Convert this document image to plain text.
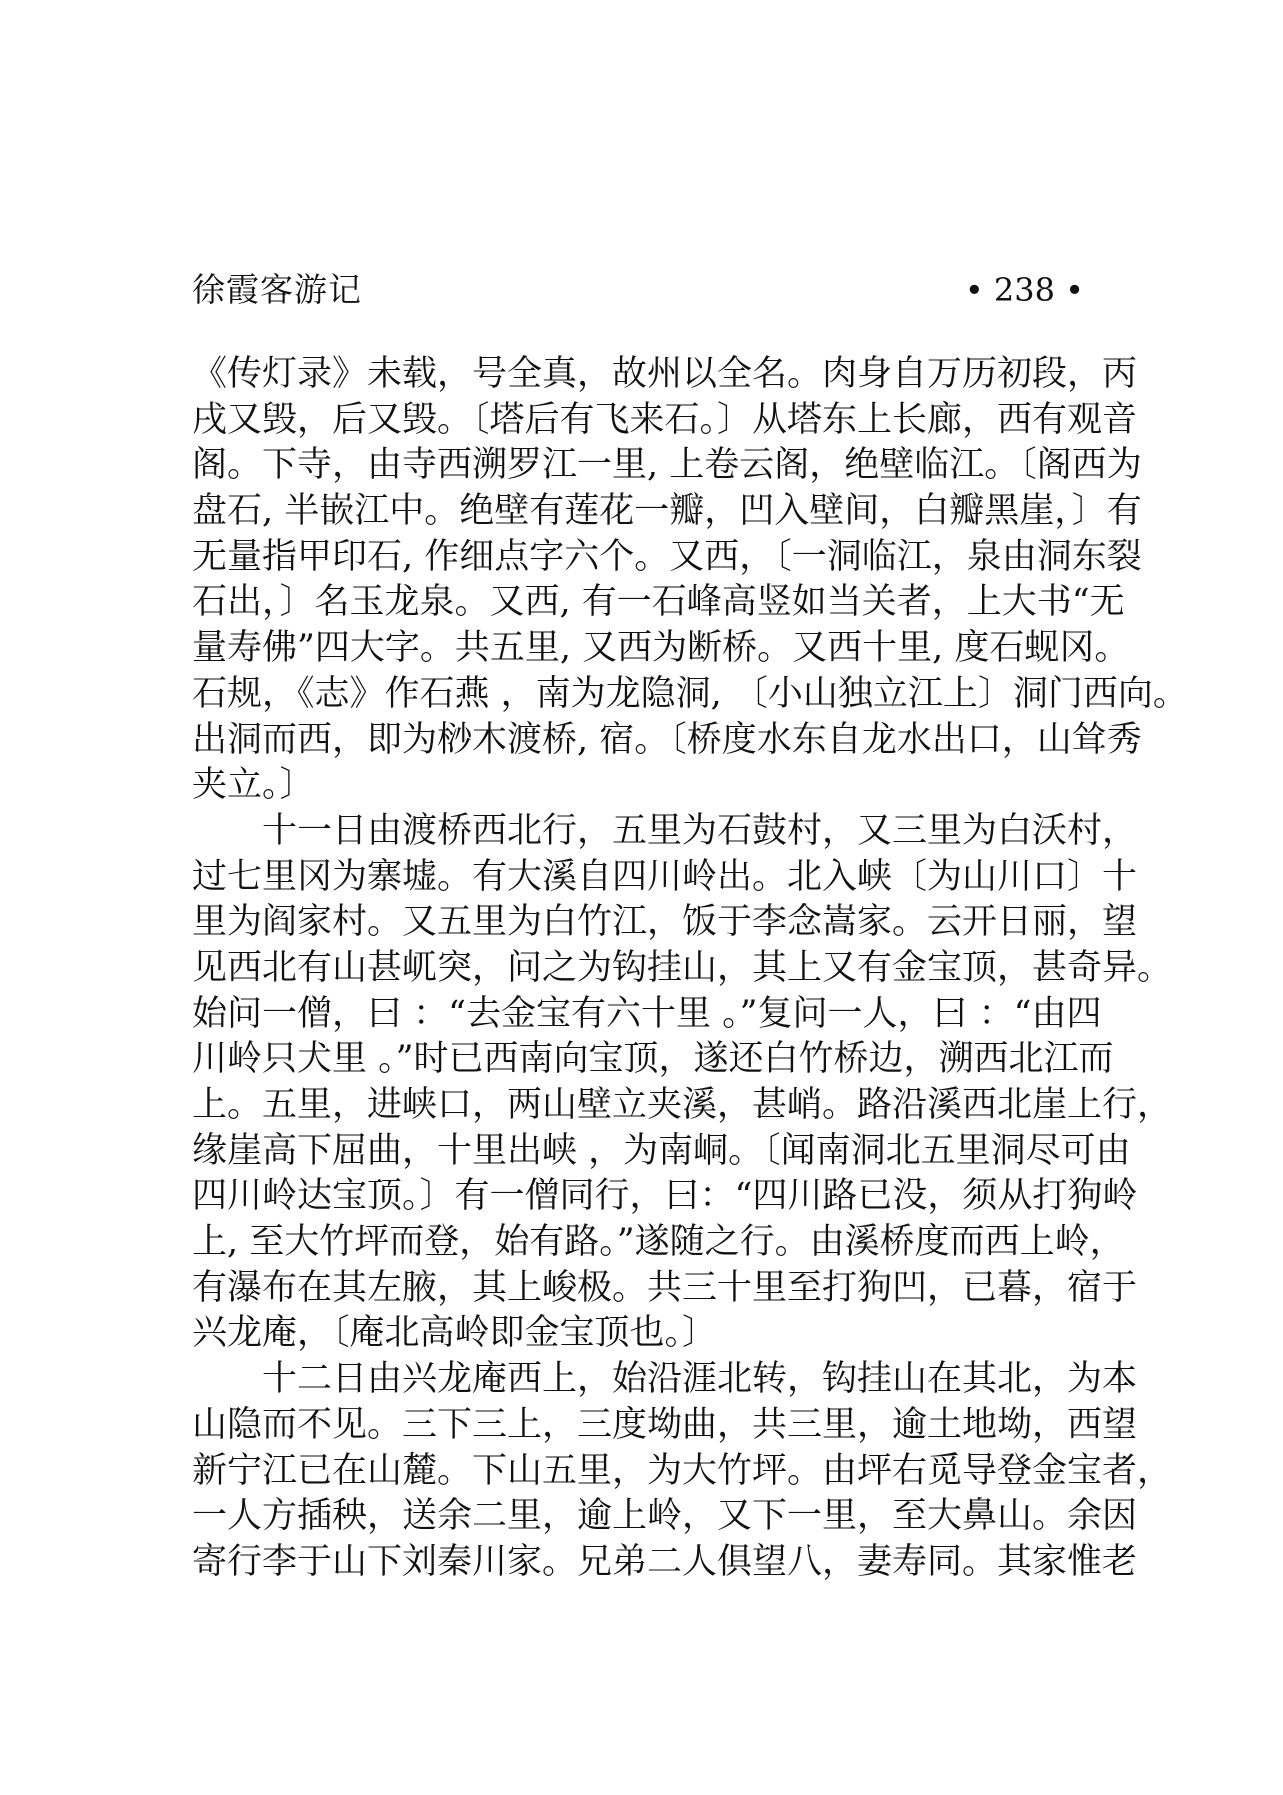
徐霞客游记	• 238 •
《传灯录》未载，号全真，故州以全名。肉身自万历初段，丙
戌又毁，后又毁。〔塔后有飞来石。〕从塔东上长廊，西有观音
阁。下寺，由寺西溯罗江一里, 上卷云阁，绝壁临江。〔阁西为
盘石, 半嵌江中。绝壁有莲花一瓣，凹入壁间，白瓣黑崖，〕有
无量指甲印石, 作细点字六个。又西，〔一洞临江，泉由洞东裂
石出，〕名玉龙泉。又西, 有一石峰高竖如当关者，上大书“无
量寿佛”四大字。共五里, 又西为断桥。又西十里, 度石蚬冈。
石规，《志》作石燕 ，南为龙隐洞, 〔小山独立江上〕洞门西向。
出洞而西，即为桫木渡桥, 宿。〔桥度水东自龙水出口，山耸秀
夹立。〕
十一日由渡桥西北行，五里为石鼓村，又三里为白沃村，
过七里冈为寨墟。有大溪自四川岭出。北入峡〔为山川口〕十
里为阎家村。又五里为白竹江，饭于李念嵩家。云开日丽，望
见西北有山甚屼突，问之为钩挂山，其上又有金宝顶，甚奇异。
始问一僧，曰 ：“去金宝有六十里 。”复问一人，曰 ：“由四
川岭只犬里 。”时已西南向宝顶，遂还白竹桥边，溯西北江而
上。五里，进峡口，两山壁立夹溪，甚峭。路沿溪西北崖上行，
缘崖高下屈曲，十里出峡 ，为南峒。〔闻南洞北五里洞尽可由
四川岭达宝顶。〕有一僧同行，曰：“四川路已没，须从打狗岭
上, 至大竹坪而登，始有路。”遂随之行。由溪桥度而西上岭，
有瀑布在其左腋，其上峻极。共三十里至打狗凹，已暮，宿于
兴龙庵，〔庵北高岭即金宝顶也。〕
十二日由兴龙庵西上，始沿涯北转，钩挂山在其北，为本
山隐而不见。三下三上，三度坳曲，共三里，逾土地坳，西望
新宁江已在山麓。下山五里，为大竹坪。由坪右觅导登金宝者，
一人方插秧，送余二里，逾上岭，又下一里，至大鼻山。余因
寄行李于山下刘秦川家。兄弟二人俱望八，妻寿同。其家惟老
